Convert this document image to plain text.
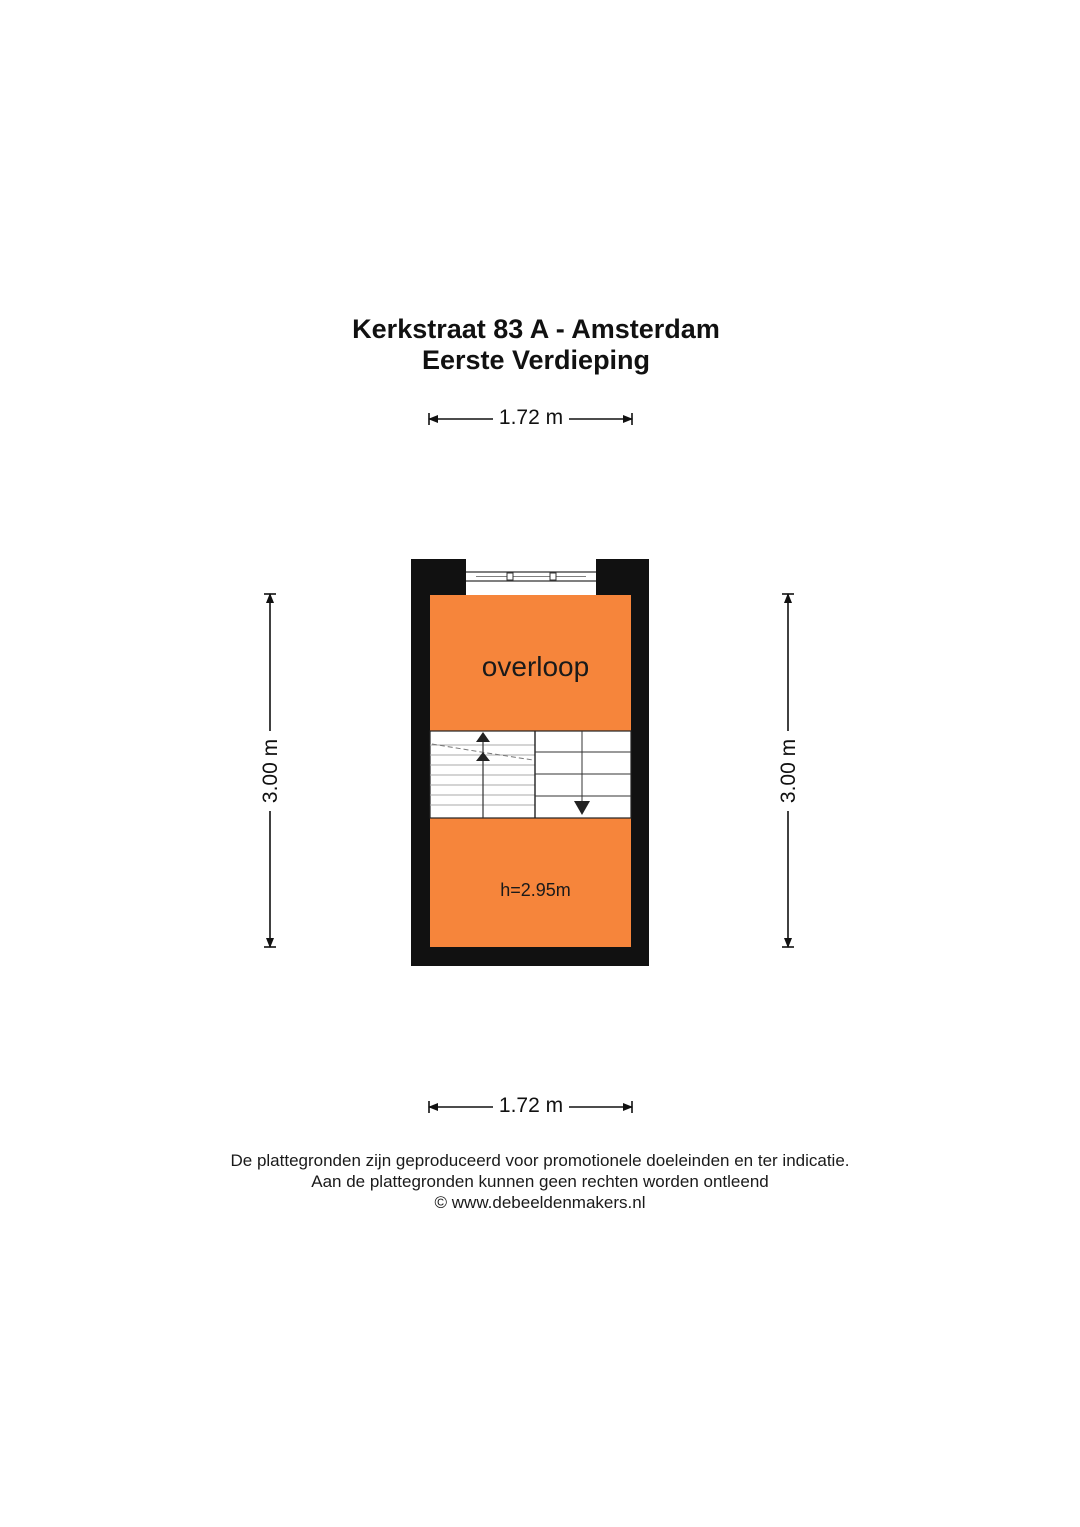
Kerkstraat 83 A - Amsterdam
Eerste Verdieping
1.72 m
1.72 m
3.00 m	3.00 m
overloop
h=2.95m
De plattegronden zijn geproduceerd voor promotionele doeleinden en ter indicatie.
Aan de plattegronden kunnen geen rechten worden ontleend
© www.debeeldenmakers.nl
